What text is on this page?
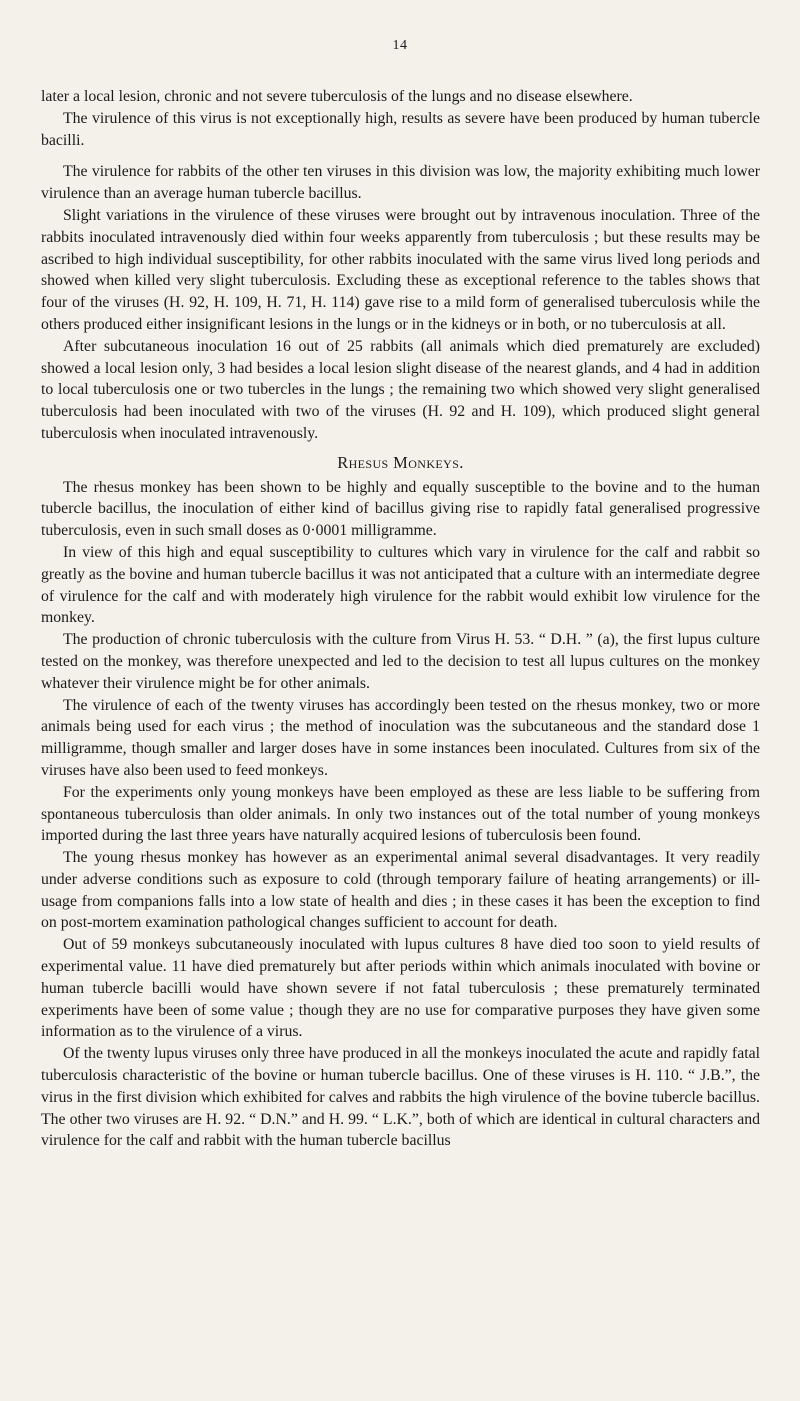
14

later a local lesion, chronic and not severe tuberculosis of the lungs and no disease elsewhere.

The virulence of this virus is not exceptionally high, results as severe have been produced by human tubercle bacilli.

The virulence for rabbits of the other ten viruses in this division was low, the majority exhibiting much lower virulence than an average human tubercle bacillus.

Slight variations in the virulence of these viruses were brought out by intravenous inoculation. Three of the rabbits inoculated intravenously died within four weeks apparently from tuberculosis ; but these results may be ascribed to high individual susceptibility, for other rabbits inoculated with the same virus lived long periods and showed when killed very slight tuberculosis. Excluding these as exceptional reference to the tables shows that four of the viruses (H. 92, H. 109, H. 71, H. 114) gave rise to a mild form of generalised tuberculosis while the others produced either insignificant lesions in the lungs or in the kidneys or in both, or no tuberculosis at all.

After subcutaneous inoculation 16 out of 25 rabbits (all animals which died prematurely are excluded) showed a local lesion only, 3 had besides a local lesion slight disease of the nearest glands, and 4 had in addition to local tuberculosis one or two tubercles in the lungs ; the remaining two which showed very slight generalised tuberculosis had been inoculated with two of the viruses (H. 92 and H. 109), which produced slight general tuberculosis when inoculated intravenously.

Rhesus Monkeys.

The rhesus monkey has been shown to be highly and equally susceptible to the bovine and to the human tubercle bacillus, the inoculation of either kind of bacillus giving rise to rapidly fatal generalised progressive tuberculosis, even in such small doses as 0·0001 milligramme.

In view of this high and equal susceptibility to cultures which vary in virulence for the calf and rabbit so greatly as the bovine and human tubercle bacillus it was not anticipated that a culture with an intermediate degree of virulence for the calf and with moderately high virulence for the rabbit would exhibit low virulence for the monkey.

The production of chronic tuberculosis with the culture from Virus H. 53. “ D.H. ” (a), the first lupus culture tested on the monkey, was therefore unexpected and led to the decision to test all lupus cultures on the monkey whatever their virulence might be for other animals.

The virulence of each of the twenty viruses has accordingly been tested on the rhesus monkey, two or more animals being used for each virus ; the method of inoculation was the subcutaneous and the standard dose 1 milligramme, though smaller and larger doses have in some instances been inoculated. Cultures from six of the viruses have also been used to feed monkeys.

For the experiments only young monkeys have been employed as these are less liable to be suffering from spontaneous tuberculosis than older animals. In only two instances out of the total number of young monkeys imported during the last three years have naturally acquired lesions of tuberculosis been found.

The young rhesus monkey has however as an experimental animal several disadvantages. It very readily under adverse conditions such as exposure to cold (through temporary failure of heating arrangements) or ill-usage from companions falls into a low state of health and dies ; in these cases it has been the exception to find on post-mortem examination pathological changes sufficient to account for death.

Out of 59 monkeys subcutaneously inoculated with lupus cultures 8 have died too soon to yield results of experimental value. 11 have died prematurely but after periods within which animals inoculated with bovine or human tubercle bacilli would have shown severe if not fatal tuberculosis ; these prematurely terminated experiments have been of some value ; though they are no use for comparative purposes they have given some information as to the virulence of a virus.

Of the twenty lupus viruses only three have produced in all the monkeys inoculated the acute and rapidly fatal tuberculosis characteristic of the bovine or human tubercle bacillus. One of these viruses is H. 110. “ J.B.”, the virus in the first division which exhibited for calves and rabbits the high virulence of the bovine tubercle bacillus. The other two viruses are H. 92. “ D.N.” and H. 99. “ L.K.”, both of which are identical in cultural characters and virulence for the calf and rabbit with the human tubercle bacillus
